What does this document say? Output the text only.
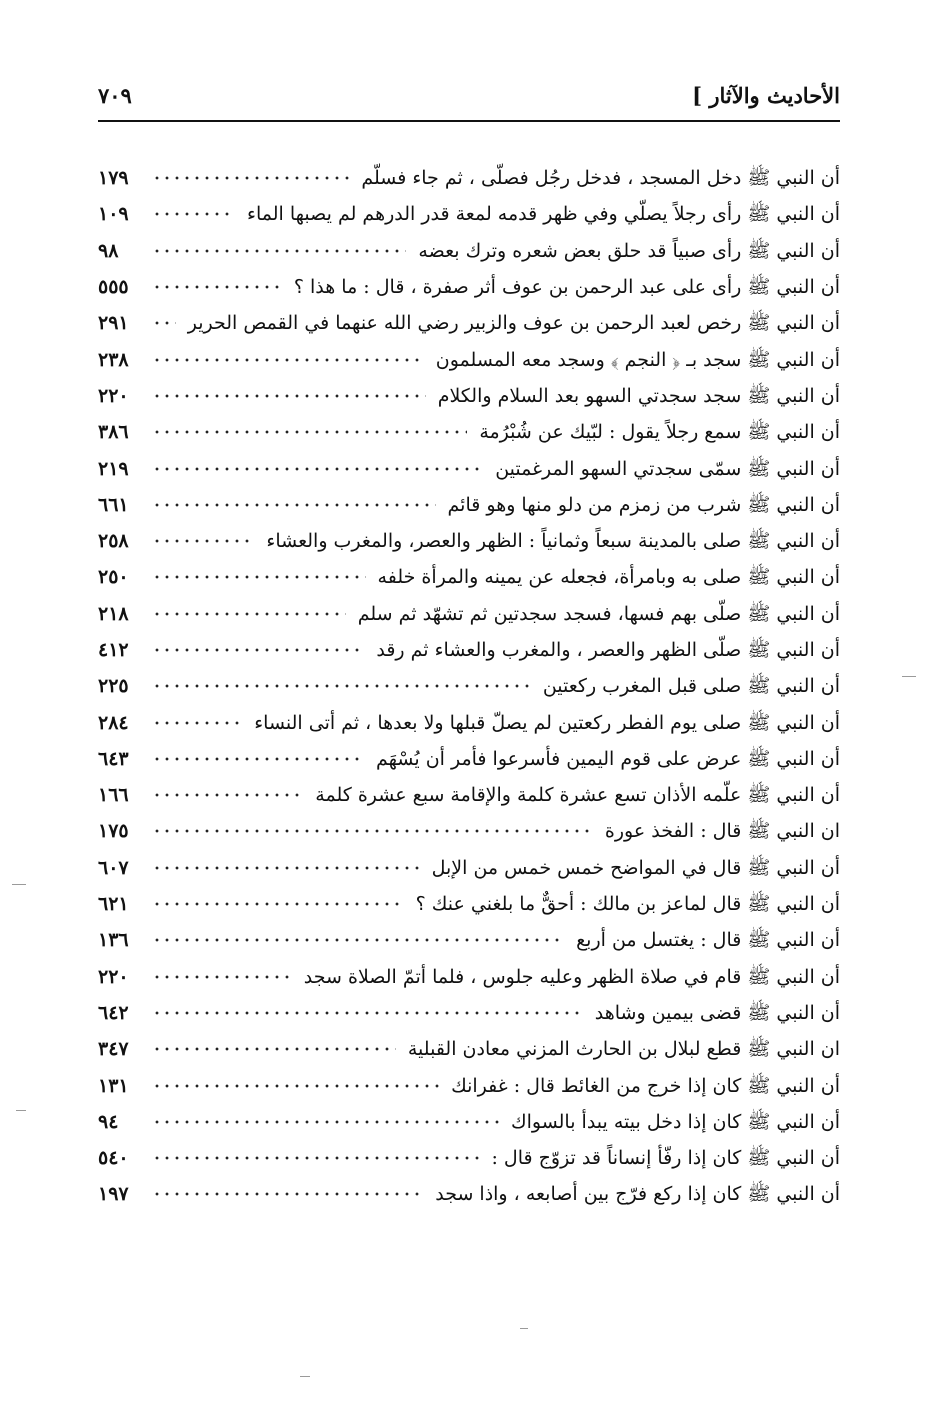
الأحاديث والآثار ]
٧٠٩
أن النبي ﷺ دخل المسجد ، فدخل رجُل فصلّى ، ثم جاء فسلّم
١٧٩
أن النبي ﷺ رأى رجلاً يصلّي وفي ظهر قدمه لمعة قدر الدرهم لم يصبها الماء
١٠٩
أن النبي ﷺ رأى صبياً قد حلق بعض شعره وترك بعضه
٩٨
أن النبي ﷺ رأى على عبد الرحمن بن عوف أثر صفرة ، قال : ما هذا ؟
٥٥٥
أن النبي ﷺ رخص لعبد الرحمن بن عوف والزبير رضي الله عنهما في القمص الحرير
٢٩١
أن النبي ﷺ سجد بـ ﴿ النجم ﴾ وسجد معه المسلمون
٢٣٨
أن النبي ﷺ سجد سجدتي السهو بعد السلام والكلام
٢٢٠
أن النبي ﷺ سمع رجلاً يقول : لبّيك عن شُبْرُمة
٣٨٦
أن النبي ﷺ سمّى سجدتي السهو المرغمتين
٢١٩
أن النبي ﷺ شرب من زمزم من دلو منها وهو قائم
٦٦١
أن النبي ﷺ صلى بالمدينة سبعاً وثمانياً : الظهر والعصر، والمغرب والعشاء
٢٥٨
أن النبي ﷺ صلى به وبامرأة، فجعله عن يمينه والمرأة خلفه
٢٥٠
أن النبي ﷺ صلّى بهم فسها، فسجد سجدتين ثم تشهّد ثم سلم
٢١٨
أن النبي ﷺ صلّى الظهر والعصر ، والمغرب والعشاء ثم رقد
٤١٢
أن النبي ﷺ صلى قبل المغرب ركعتين
٢٢٥
أن النبي ﷺ صلى يوم الفطر ركعتين لم يصلّ قبلها ولا بعدها ، ثم أتى النساء
٢٨٤
أن النبي ﷺ عرض على قوم اليمين فأسرعوا فأمر أن يُسْهَم
٦٤٣
أن النبي ﷺ علّمه الأذان تسع عشرة كلمة والإقامة سبع عشرة كلمة
١٦٦
ان النبي ﷺ قال : الفخذ عورة
١٧٥
أن النبي ﷺ قال في المواضح خمس خمس من الإبل
٦٠٧
أن النبي ﷺ قال لماعز بن مالك : أحقٌّ ما بلغني عنك ؟
٦٢١
أن النبي ﷺ قال : يغتسل من أربع
١٣٦
أن النبي ﷺ قام في صلاة الظهر وعليه جلوس ، فلما أتمّ الصلاة سجد
٢٢٠
أن النبي ﷺ قضى بيمين وشاهد
٦٤٢
ان النبي ﷺ قطع لبلال بن الحارث المزني معادن القبلية
٣٤٧
أن النبي ﷺ كان إذا خرج من الغائط قال : غفرانك
١٣١
أن النبي ﷺ كان إذا دخل بيته يبدأ بالسواك
٩٤
أن النبي ﷺ كان إذا رفّأ إنساناً قد تزوّج قال :
٥٤٠
أن النبي ﷺ كان إذا ركع فرّج بين أصابعه ، واذا سجد
١٩٧
